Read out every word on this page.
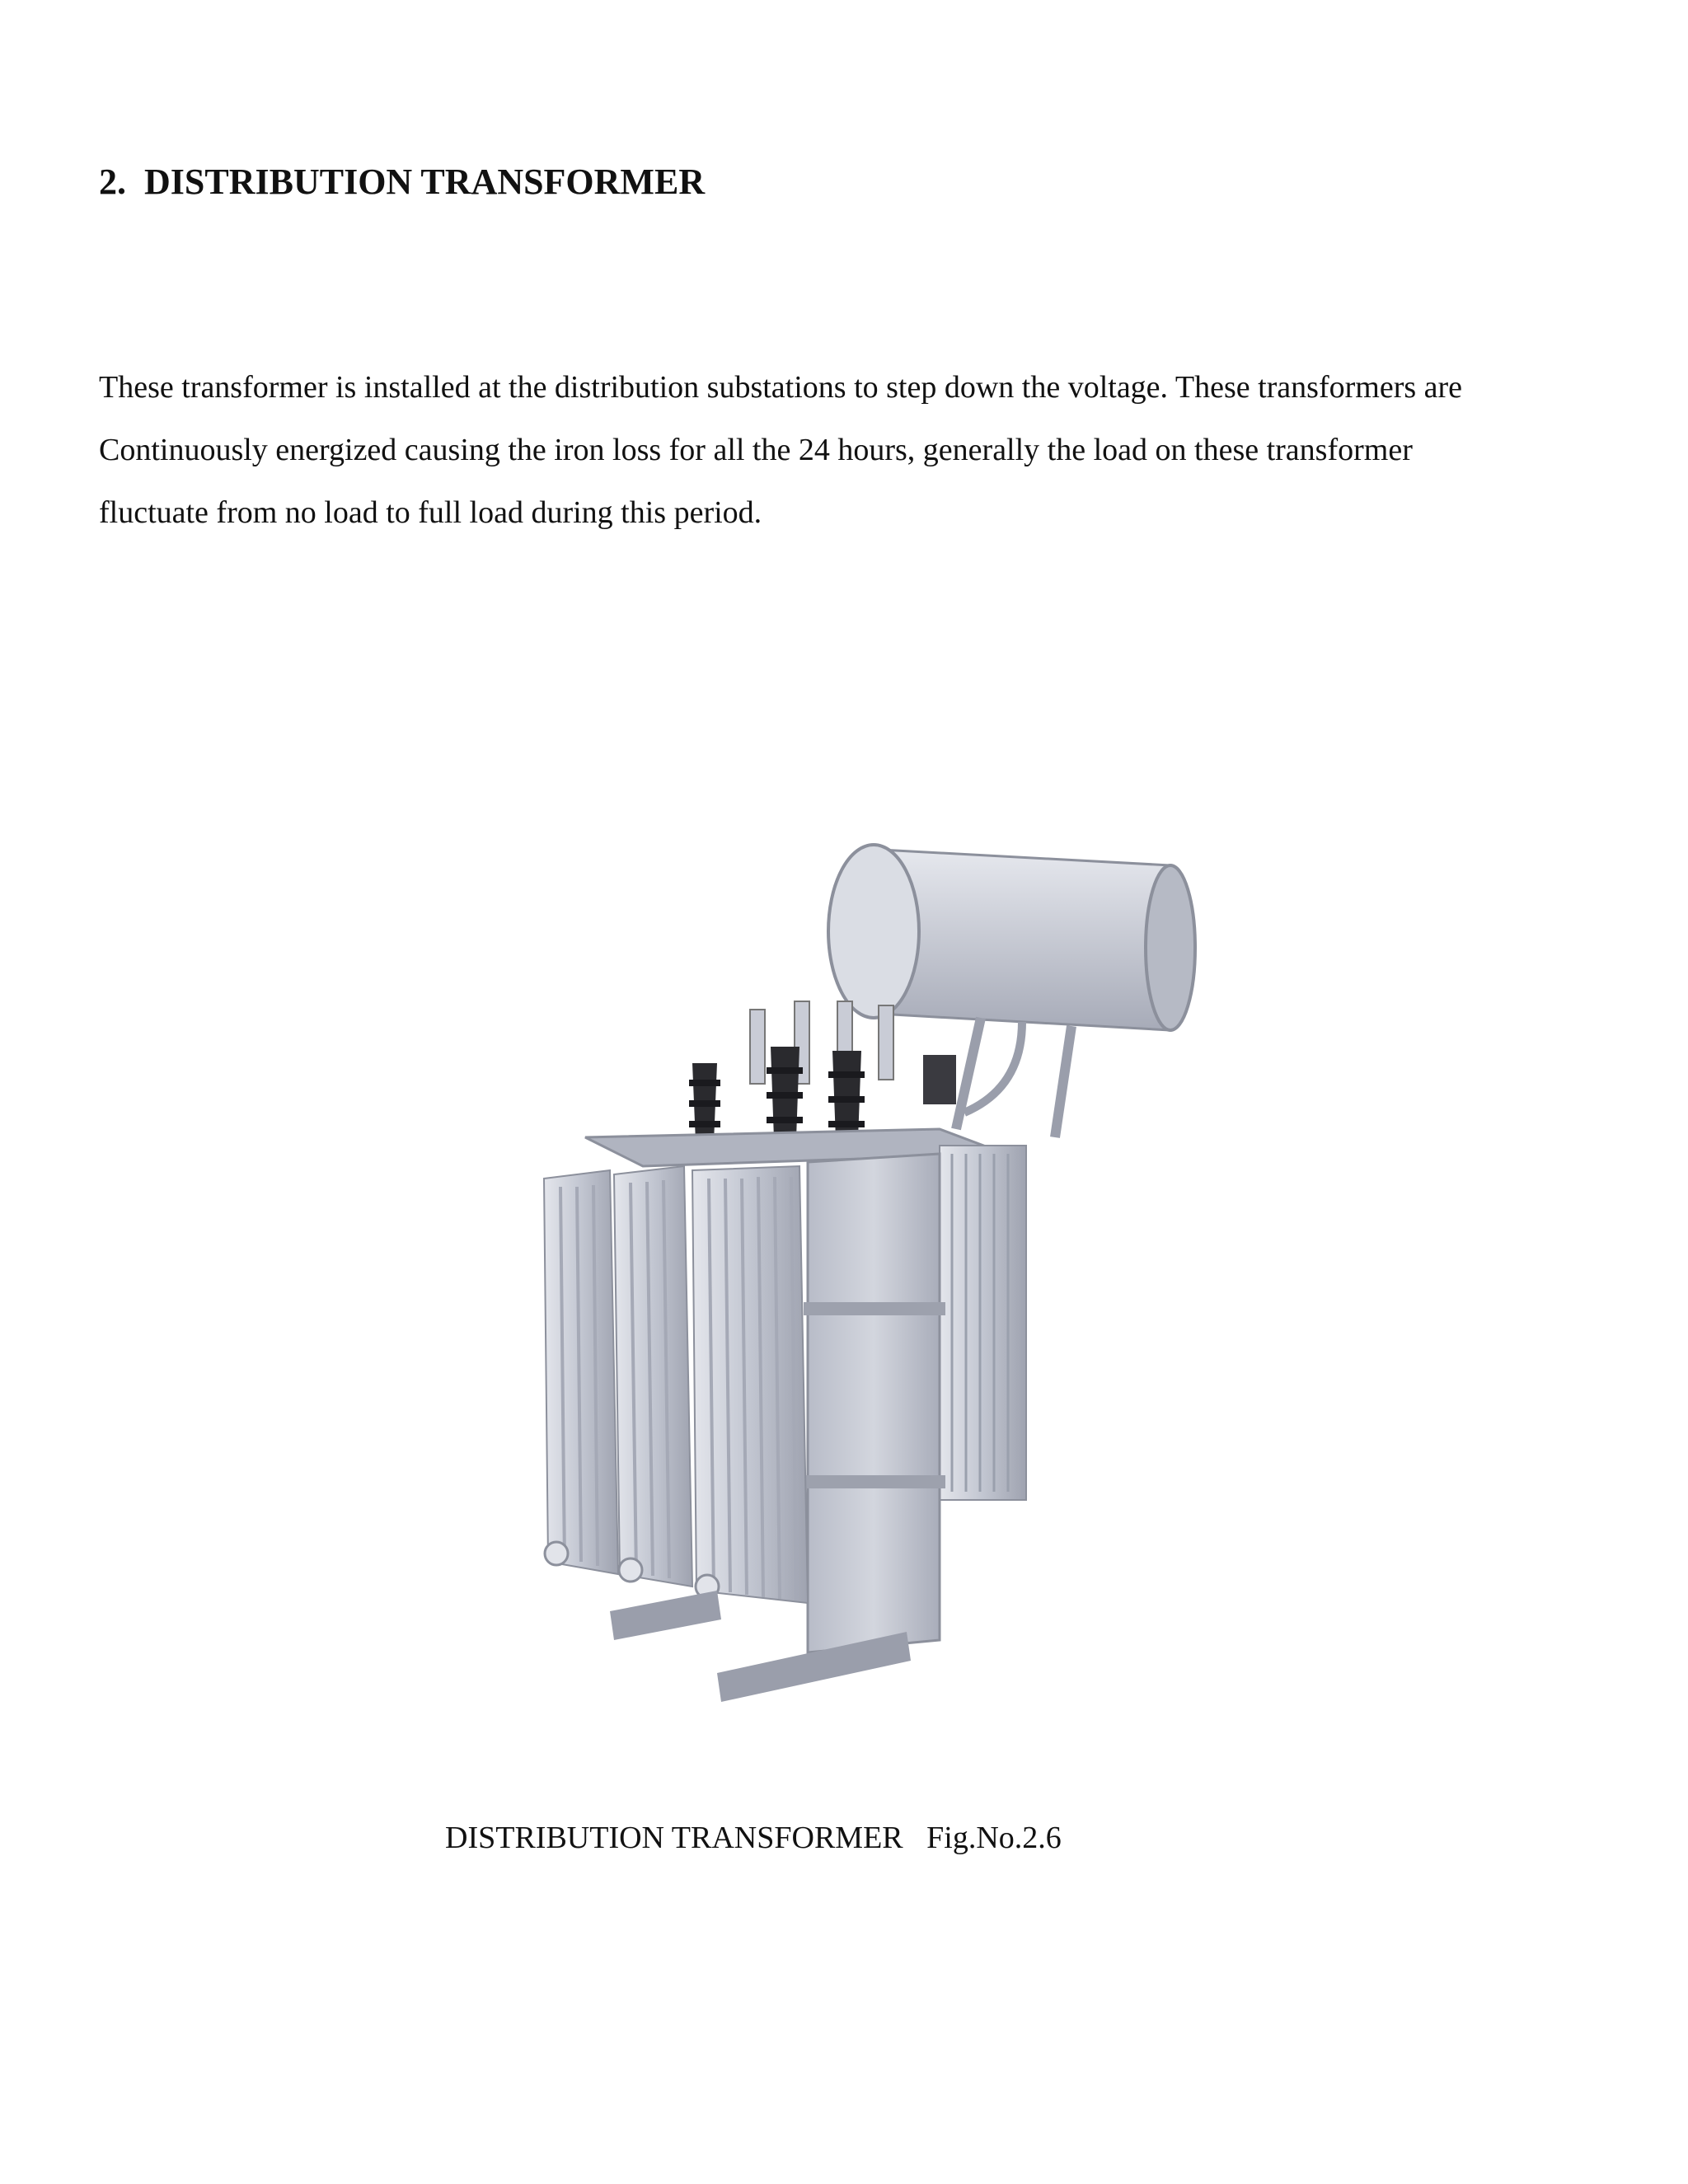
2.  DISTRIBUTION TRANSFORMER

These transformer is installed at the distribution substations to step down the voltage. These transformers are
Continuously energized causing the iron loss for all the 24 hours, generally the load on these transformer
fluctuate from no load to full load during this period.

DISTRIBUTION TRANSFORMER   Fig.No.2.6
